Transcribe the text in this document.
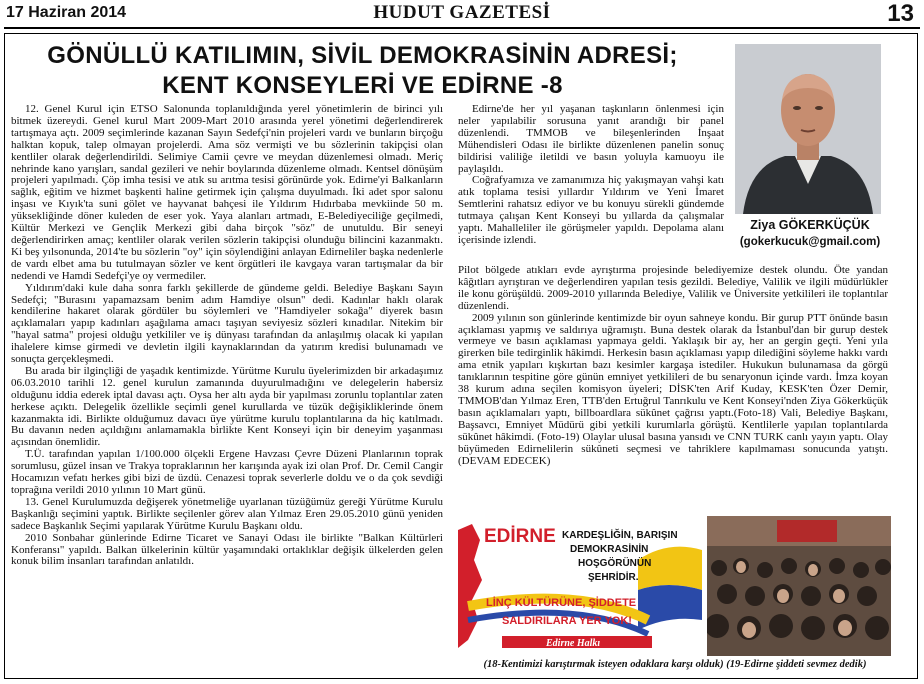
17 Haziran 2014	HUDUT GAZETESİ	13
GÖNÜLLÜ KATILIMIN, SİVİL DEMOKRASİNİN ADRESİ;
KENT KONSEYLERİ VE EDİRNE -8
Ziya GÖKERKÜÇÜK
(gokerkucuk@gmail.com)

12. Genel Kurul için ETSO Salonunda toplanıldığında yerel yönetimlerin de birinci yılı bitmek üzereydi. Genel kurul Mart 2009-Mart 2010 arasında yerel yönetimi değerlendirerek tartışmaya açtı. 2009 seçimlerinde kazanan Sayın Sedefçi'nin projeleri vardı ve bunların birçoğu halktan kopuk, talep olmayan projelerdi. Ama söz vermişti ve bu sözlerinin takipçisi olan kentliler olarak değerlendirildi. Selimiye Camii çevre ve meydan düzenlemesi olmadı. Meriç nehrinde kano yarışları, sandal gezileri ve nehir boylarında düzenleme olmadı. Kentsel dönüşüm projeleri yapılmadı. Çöp imha tesisi ve atık su arıtma tesisi görünürde yok. Edirne'yi Balkanların sağlık, eğitim ve hizmet başkenti haline getirmek için çalışma duyulmadı. İki adet spor salonu inşası ve Kıyık'ta suni gölet ve hayvanat bahçesi ile Yıldırım Hıdırbaba mevkiinde 50 m. yüksekliğinde döner kuleden de eser yok. Yaya alanları artmadı, E-Belediyeciliğe geçilmedi, Kültür Merkezi ve Gençlik Merkezi gibi daha birçok "söz" de unutuldu. Bir seneyi değerlendirirken amaç; kentliler olarak verilen sözlerin takipçisi olunduğu bilincini kazanmaktı. Ki beş yılsonunda, 2014'te bu sözlerin "oy" için söylendiğini anlayan Edirneliler başka nedenlerle de vardı elbet ama bu tutulmayan sözler ve kent örgütleri ile kavgaya varan tartışmalar da bir nedendi ve Hamdi Sedefçi'ye oy vermediler.

Yıldırım'daki kule daha sonra farklı şekillerde de gündeme geldi. Belediye Başkanı Sayın Sedefçi; "Burasını yapamazsam benim adım Hamdiye olsun" dedi. Kadınlar haklı olarak kendilerine hakaret olarak gördüler bu söylemleri ve "Hamdiyeler sokağa" diyerek basın açıklamaları yapıp kadınları aşağılama amacı taşıyan seviyesiz sözleri kınadılar. Nitekim bir "hayal satma" projesi olduğu yetkililer ve iş dünyası tarafından da anlaşılmış olacak ki yapılan ihalelere kimse girmedi ve devletin ilgili kaynaklarından da yatırım kredisi bulunamadı ve sonuçta gerçekleşmedi.

Bu arada bir ilginçliği de yaşadık kentimizde. Yürütme Kurulu üyelerimizden bir arkadaşımız 06.03.2010 tarihli 12. genel kurulun zamanında duyurulmadığını ve delegelerin habersiz olduğunu iddia ederek iptal davası açtı. Oysa her altı ayda bir yapılması zorunlu toplantılar zaten herkese açıktı. Delegelik özellikle seçimli genel kurullarda ve tüzük değişikliklerinde önem kazanmakta idi. Birlikte olduğumuz davacı üye yürütme kurulu toplantılarına da hiç katılmadı. Bu davanın neden açıldığını anlamamakla birlikte Kent Konseyi için bir deneyim yaşanması açısından önemlidir.

T.Ü. tarafından yapılan 1/100.000 ölçekli Ergene Havzası Çevre Düzeni Planlarının toprak sorumlusu, güzel insan ve Trakya topraklarının her karışında ayak izi olan Prof. Dr. Cemil Cangir Hocamızın vefatı herkes gibi bizi de üzdü. Cenazesi toprak severlerle doldu ve o da çok sevdiği toprağına verildi 2010 yılının 10 Mart günü.

13. Genel Kurulumuzda değişerek yönetmeliğe uyarlanan tüzüğümüz gereği Yürütme Kurulu Başkanlığı seçimini yaptık. Birlikte seçilenler görev alan Yılmaz Eren 29.05.2010 günü yeniden sadece Başkanlık Seçimi yapılarak Yürütme Kurulu Başkanı oldu.

2010 Sonbahar günlerinde Edirne Ticaret ve Sanayi Odası ile birlikte "Balkan Kültürleri Konferansı" yapıldı. Balkan ülkelerinin kültür yaşamındaki ortaklıklar değişik ülkelerden gelen konuk bilim insanları tarafından anlatıldı.

Edirne'de her yıl yaşanan taşkınların önlenmesi için neler yapılabilir sorusuna yanıt arandığı bir panel düzenlendi. TMMOB ve bileşenlerinden İnşaat Mühendisleri Odası ile birlikte düzenlenen panelin sonuç bildirisi valiliğe iletildi ve basın yoluyla kamuoyu ile paylaşıldı.

Coğrafyamıza ve zamanımıza hiç yakışmayan vahşi katı atık toplama tesisi yıllardır Yıldırım ve Yeni İmaret Semtlerini rahatsız ediyor ve bu konuyu sürekli gündemde tutmaya çalışan Kent Konseyi bu yıllarda da çalışmalar yaptı. Mahalleliler ile görüşmeler yapıldı. Depolama alanı içerisinde izlendi.

Pilot bölgede atıkları evde ayrıştırma projesinde belediyemize destek olundu. Öte yandan kâğıtları ayrıştıran ve değerlendiren yapılan tesis gezildi. Belediye, Valilik ve ilgili müdürlükler ile konu görüşüldü. 2009-2010 yıllarında Belediye, Valilik ve Üniversite yetkilileri ile toplantılar düzenlendi.

2009 yılının son günlerinde kentimizde bir oyun sahneye kondu. Bir gurup PTT önünde basın açıklaması yapmış ve saldırıya uğramıştı. Buna destek olarak da İstanbul'dan bir gurup destek vermeye ve basın açıklaması yapmaya geldi. Yaklaşık bir ay, her an gergin geçti. Yeni yıla girerken bile tedirginlik hâkimdi. Herkesin basın açıklaması yapıp dilediğini söyleme hakkı vardı ama etnik yapıları kışkırtan bazı kesimler kargaşa istediler. Hukukun bulunamasa da görgü tanıklarının tespitine göre günün emniyet yetkilileri de bu senaryonun içinde vardı. İmza koyan 38 kurum adına seçilen komisyon üyeleri; DİSK'ten Arif Kuday, KESK'ten Özer Demir, TMMOB'dan Yılmaz Eren, TTB'den Ertuğrul Tanrıkulu ve Kent Konseyi'nden Ziya Gökerküçük basın açıklamaları yaptı, billboardlara sükûnet çağrısı yaptı.(Foto-18) Vali, Belediye Başkanı, Başsavcı, Emniyet Müdürü gibi yetkili kurumlarla görüştü. Kentlilerle yapılan toplantılarda sükûnet hâkimdi. (Foto-19) Olaylar ulusal basına yansıdı ve CNN TURK canlı yayın yaptı. Olay büyümeden Edirnelilerin sükûneti seçmesi ve tahriklere kapılmaması sonucunda yatıştı. (DEVAM EDECEK)

EDİRNE KARDEŞLİĞİN, BARIŞIN
DEMOKRASİNİN
HOŞGÖRÜNÜN
ŞEHRİDİR.
LİNÇ KÜLTÜRÜNE, ŞİDDETE
SALDIRILARA YER YOK!
Edirne Halkı
(18-Kentimizi karıştırmak isteyen odaklara karşı olduk) (19-Edirne şiddeti sevmez dedik)
